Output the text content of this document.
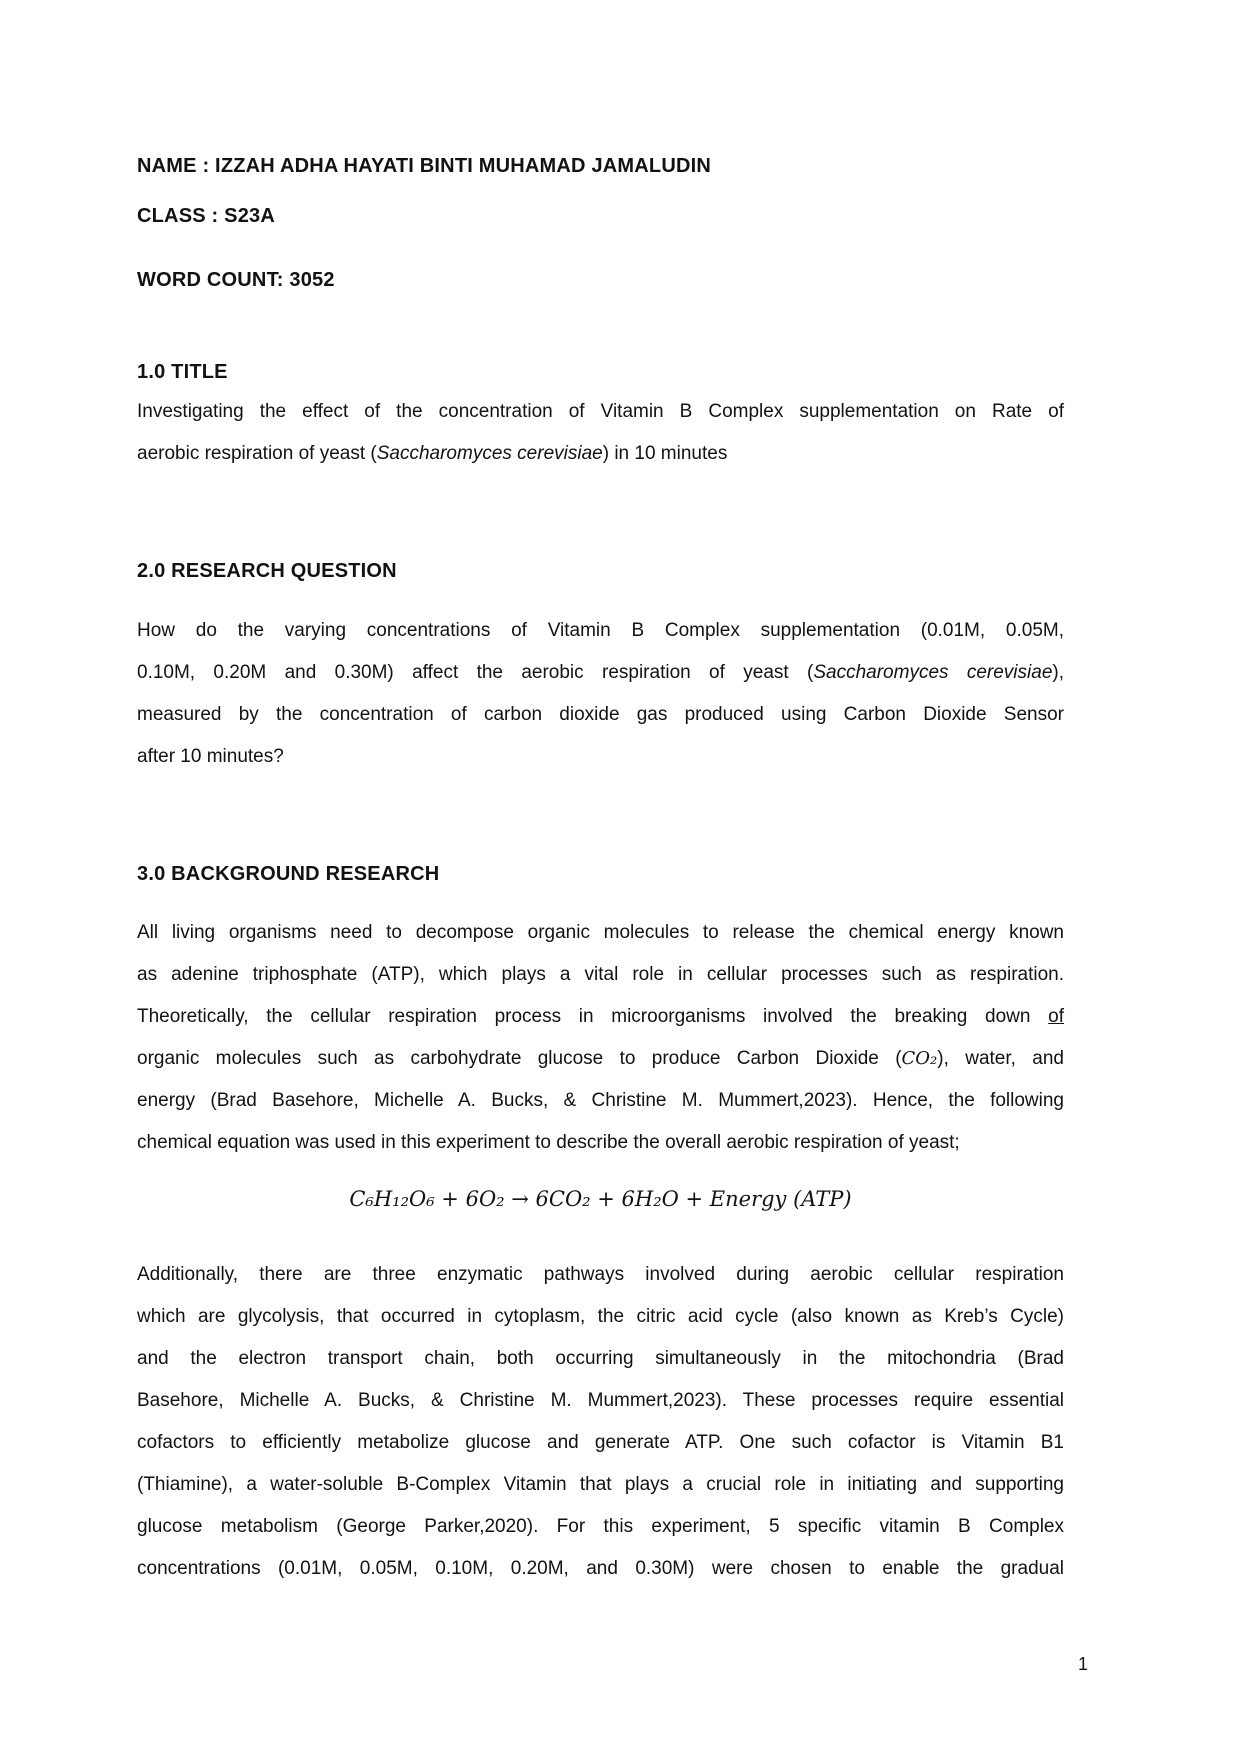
NAME : IZZAH ADHA HAYATI BINTI MUHAMAD JAMALUDIN
CLASS : S23A
WORD COUNT: 3052
1.0 TITLE
Investigating the effect of the concentration of Vitamin B Complex supplementation on Rate of
aerobic respiration of yeast (Saccharomyces cerevisiae) in 10 minutes
2.0 RESEARCH QUESTION
How do the varying concentrations of Vitamin B Complex supplementation (0.01M, 0.05M,
0.10M, 0.20M and 0.30M) affect the aerobic respiration of yeast (Saccharomyces cerevisiae),
measured by the concentration of carbon dioxide gas produced using Carbon Dioxide Sensor
after 10 minutes?
3.0 BACKGROUND RESEARCH
All living organisms need to decompose organic molecules to release the chemical energy known
as adenine triphosphate (ATP), which plays a vital role in cellular processes such as respiration.
Theoretically, the cellular respiration process in microorganisms involved the breaking down of
organic molecules such as carbohydrate glucose to produce Carbon Dioxide (CO₂), water, and
energy (Brad Basehore, Michelle A. Bucks, & Christine M. Mummert,2023). Hence, the following
chemical equation was used in this experiment to describe the overall aerobic respiration of yeast;
C₆H₁₂O₆ + 6O₂ → 6CO₂ + 6H₂O + Energy (ATP)
Additionally, there are three enzymatic pathways involved during aerobic cellular respiration
which are glycolysis, that occurred in cytoplasm, the citric acid cycle (also known as Kreb’s Cycle)
and the electron transport chain, both occurring simultaneously in the mitochondria (Brad
Basehore, Michelle A. Bucks, & Christine M. Mummert,2023). These processes require essential
cofactors to efficiently metabolize glucose and generate ATP. One such cofactor is Vitamin B1
(Thiamine), a water-soluble B-Complex Vitamin that plays a crucial role in initiating and supporting
glucose metabolism (George Parker,2020). For this experiment, 5 specific vitamin B Complex
concentrations (0.01M, 0.05M, 0.10M, 0.20M, and 0.30M) were chosen to enable the gradual
1
